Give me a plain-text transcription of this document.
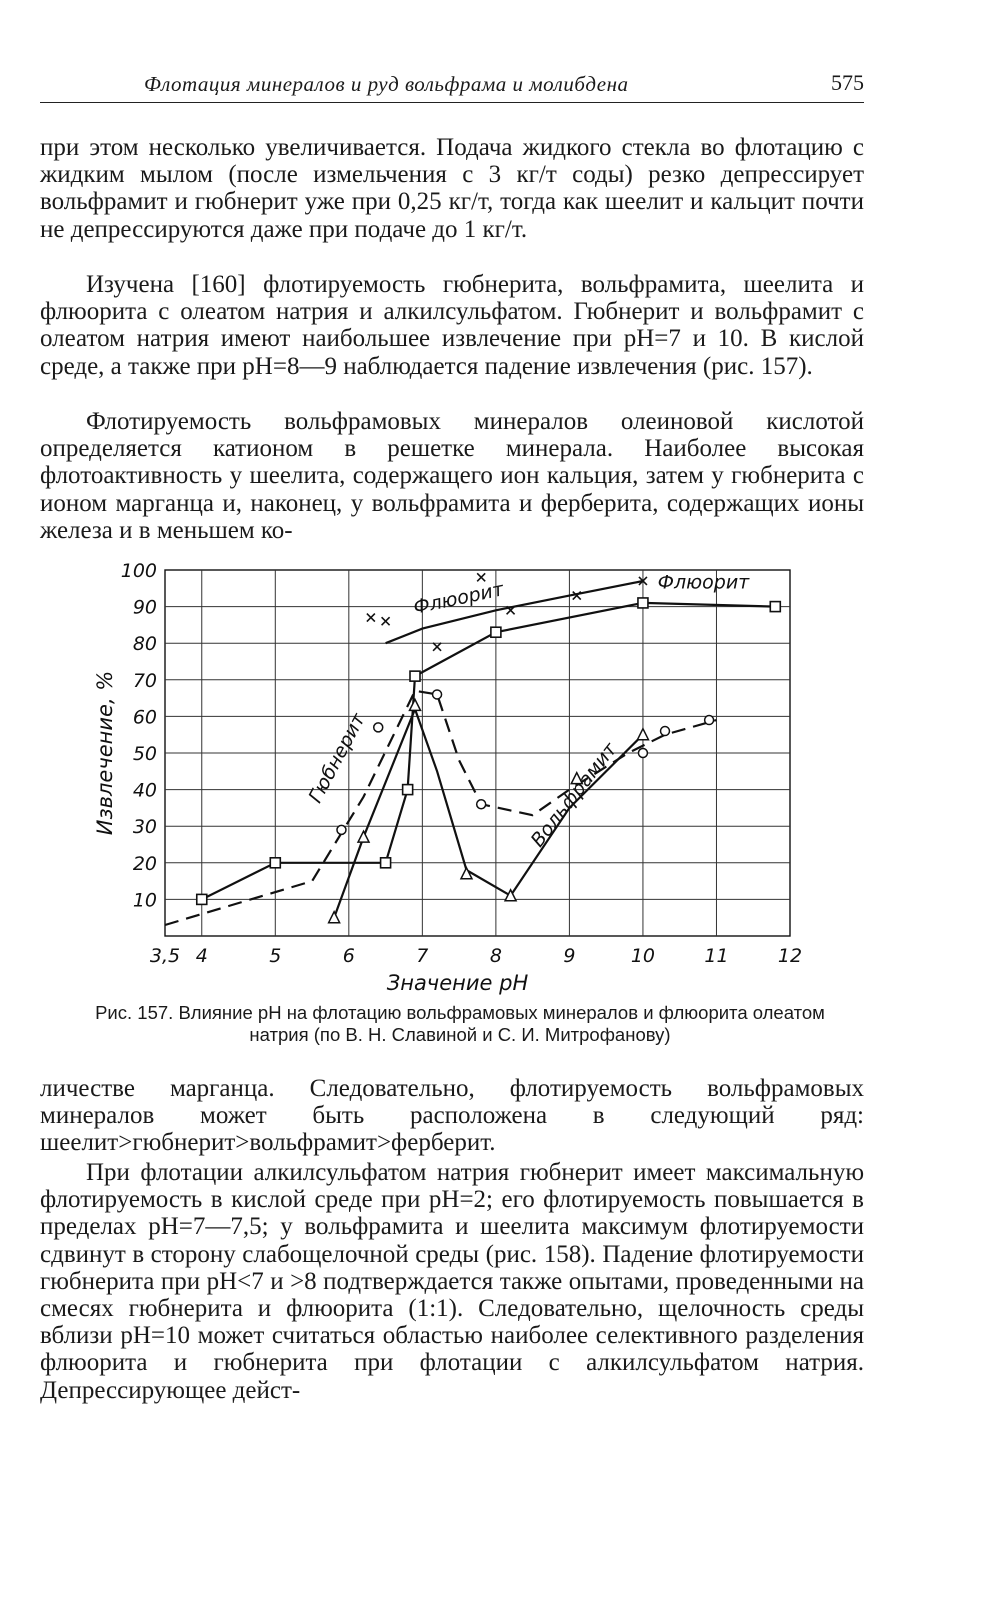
Флотация минералов и руд вольфрама и молибдена	575

при этом несколько увеличивается. Подача жидкого стекла во флотацию с жидким мылом (после измельчения с 3 кг/т соды) резко депрессирует вольфрамит и гюбнерит уже при 0,25 кг/т, тогда как шеелит и кальцит почти не депрессируются даже при подаче до 1 кг/т.

Изучена [160] флотируемость гюбнерита, вольфрамита, шеелита и флюорита с олеатом натрия и алкилсульфатом. Гюбнерит и вольфрамит с олеатом натрия имеют наибольшее извлечение при pH=7 и 10. В кислой среде, а также при pH=8—9 наблюдается падение извлечения (рис. 157).

Флотируемость вольфрамовых минералов олеиновой кислотой определяется катионом в решетке минерала. Наиболее высокая флотоактивность у шеелита, содержащего ион кальция, затем у гюбнерита с ионом марганца и, наконец, у вольфрамита и ферберита, содержащих ионы железа и в меньшем ко-

3,5 4	5	6	7	8	9	10	11	12
10
20
30
40
50
60
70
80
90
100
Значение pH
Извлечение, %
Флюорит
Флюорит
Гюбнерит	Вольфрамит

Рис. 157. Влияние pH на флотацию вольфрамовых минералов и флюорита олеатом натрия (по В. Н. Славиной и С. И. Митрофанову)

личестве марганца. Следовательно, флотируемость вольфрамовых минералов может быть расположена в следующий ряд: шеелит>гюбнерит>вольфрамит>ферберит.

При флотации алкилсульфатом натрия гюбнерит имеет максимальную флотируемость в кислой среде при pH=2; его флотируемость повышается в пределах pH=7—7,5; у вольфрамита и шеелита максимум флотируемости сдвинут в сторону слабощелочной среды (рис. 158). Падение флотируемости гюбнерита при pH<7 и >8 подтверждается также опытами, проведенными на смесях гюбнерита и флюорита (1:1). Следовательно, щелочность среды вблизи pH=10 может считаться областью наиболее селективного разделения флюорита и гюбнерита при флотации с алкилсульфатом натрия. Депрессирующее дейст-
